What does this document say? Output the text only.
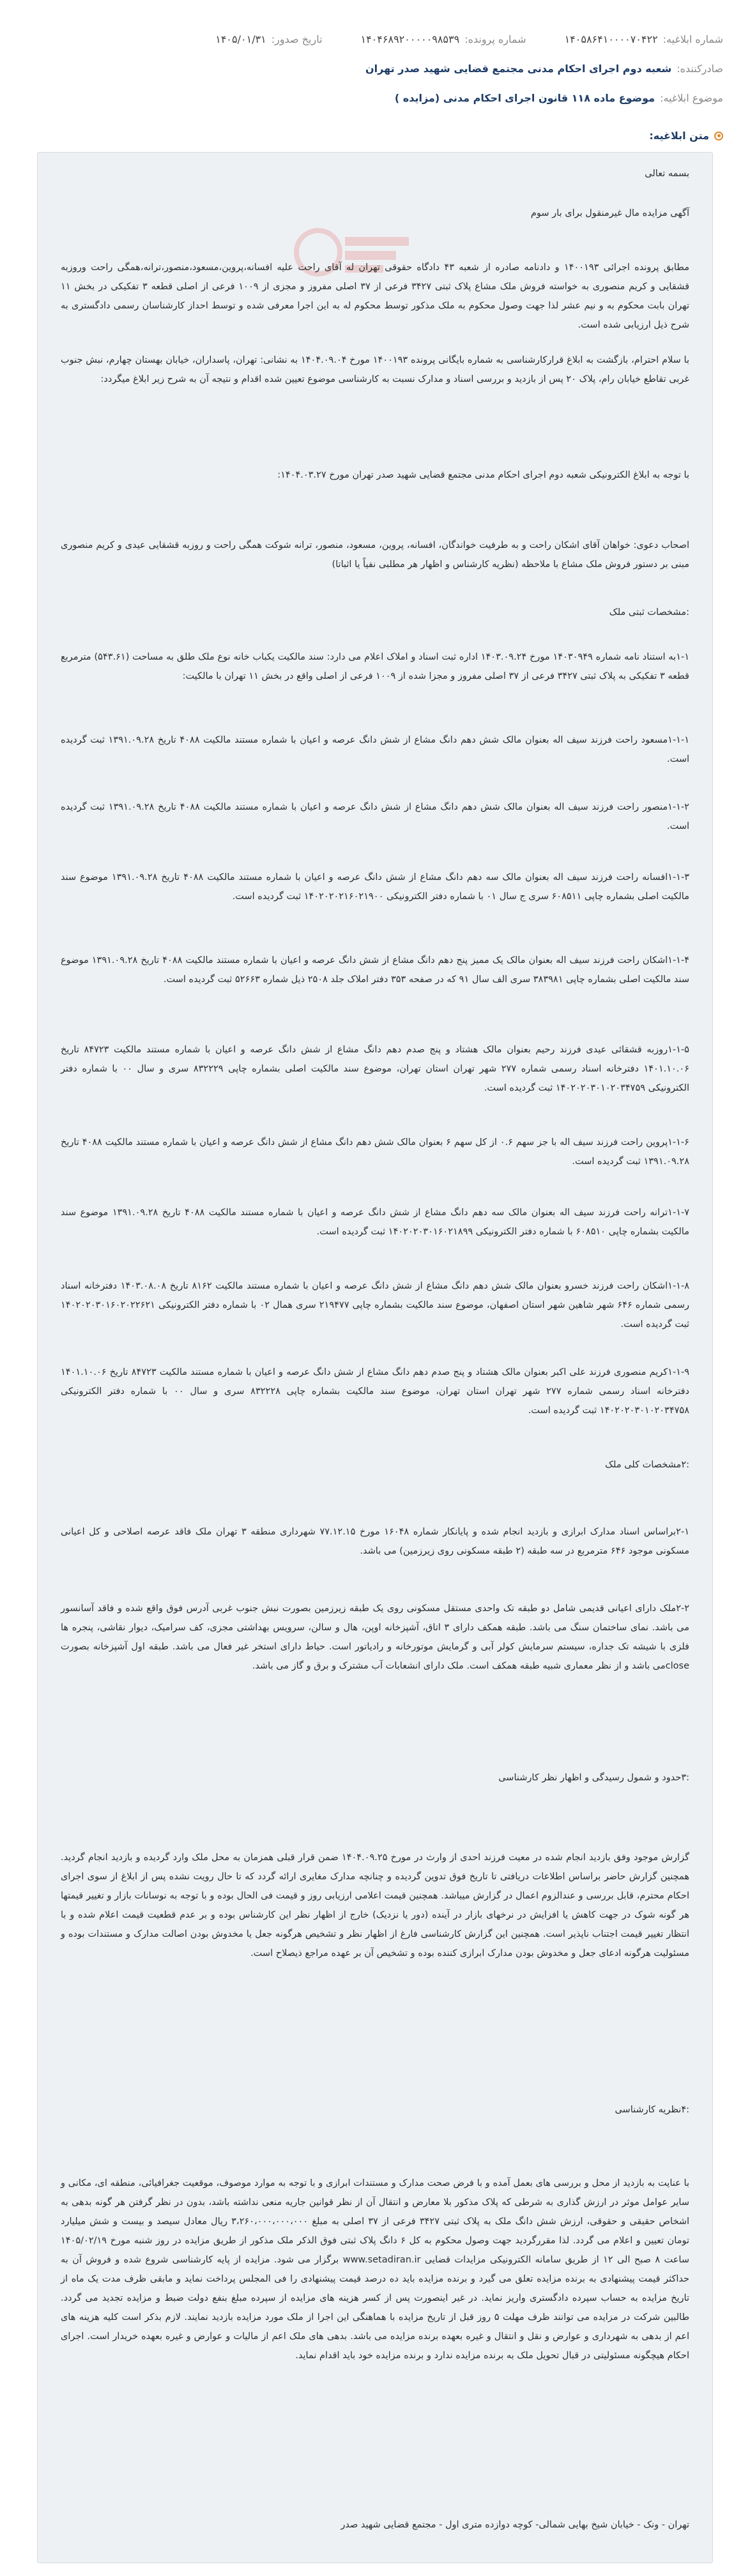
شماره ابلاغیه:
۱۴۰۵۸۶۴۱۰۰۰۰۷۰۴۲۲
شماره پرونده:
۱۴۰۴۶۸۹۲۰۰۰۰۰۹۸۵۳۹
تاریخ صدور:
۱۴۰۵/۰۱/۳۱
صادرکننده:
شعبه دوم اجرای احکام مدنی مجتمع قضایی شهید صدر تهران
موضوع ابلاغیه:
موضوع ماده ۱۱۸ قانون اجرای احکام مدنی (مزایده )
متن ابلاغیه:
بسمه تعالی
آگهی مزایده مال غیرمنقول برای بار سوم
مطابق پرونده اجرائی ۱۴۰۰۱۹۳ و دادنامه صادره از شعبه ۴۳ دادگاه حقوقی تهران له آقای راحت علیه افسانه،پروین،مسعود،منصور،ترانه،همگی راحت وروزبه قشقایی و کریم منصوری به خواسته فروش ملک مشاع پلاک ثبتی ۳۴۲۷ فرعی از ۳۷ اصلی مفروز و مجزی از ۱۰۰۹ فرعی از اصلی قطعه ۳ تفکیکی در بخش ۱۱ تهران بابت محکوم به و نیم عشر لذا جهت وصول محکوم به ملک مذکور توسط محکوم له به این اجرا معرفی شده و توسط احداز کارشناسان رسمی دادگستری به شرح ذیل ارزیابی شده است.
با سلام احترام، بازگشت به ابلاغ قرارکارشناسی به شماره بایگانی پرونده ۱۴۰۰۱۹۳ مورخ ۱۴۰۴.۰۹.۰۴ به نشانی: تهران، پاسداران، خیابان بهستان چهارم، نبش جنوب غربی تقاطع خیابان رام، پلاک ۲۰ پس از بازدید و بررسی اسناد و مدارک نسبت به کارشناسی موضوع تعیین شده اقدام و نتیجه آن به شرح زیر ابلاغ میگردد:
با توجه به ابلاغ الکترونیکی شعبه دوم اجرای احکام مدنی مجتمع قضایی شهید صدر تهران مورخ ۱۴۰۴.۰۳.۲۷:
اصحاب دعوی: خواهان آقای اشکان راحت و به طرفیت خواندگان، افسانه، پروین، مسعود، منصور، ترانه شوکت همگی راحت و روزبه قشقایی عیدی و کریم منصوری مبنی بر دستور فروش ملک مشاع با ملاحظه (نظریه کارشناس و اظهار هر مطلبی نفیاً یا اثباتا)
:مشخصات ثبتی ملک
۱-۱به استناد نامه شماره ۱۴۰۳۰۹۴۹ مورخ ۱۴۰۳.۰۹.۲۴ اداره ثبت اسناد و املاک اعلام می دارد: سند مالکیت یکباب خانه نوع ملک طلق به مساحت (۵۴۳.۶۱) مترمربع قطعه ۳ تفکیکی به پلاک ثبتی ۳۴۲۷ فرعی از ۳۷ اصلی مفروز و مجزا شده از ۱۰۰۹ فرعی از اصلی واقع در بخش ۱۱ تهران با مالکیت:
۱-۱-۱مسعود راحت فرزند سیف اله بعنوان مالک شش دهم دانگ مشاع از شش دانگ عرصه و اعیان با شماره مستند مالکیت ۴۰۸۸ تاریخ ۱۳۹۱.۰۹.۲۸ ثبت گردیده است.
۱-۱-۲منصور راحت فرزند سیف اله بعنوان مالک شش دهم دانگ مشاع از شش دانگ عرصه و اعیان با شماره مستند مالکیت ۴۰۸۸ تاریخ ۱۳۹۱.۰۹.۲۸ ثبت گردیده است.
۱-۱-۳افسانه راحت فرزند سیف اله بعنوان مالک سه دهم دانگ مشاع از شش دانگ عرصه و اعیان با شماره مستند مالکیت ۴۰۸۸ تاریخ ۱۳۹۱.۰۹.۲۸ موضوع سند مالکیت اصلی بشماره چاپی ۶۰۸۵۱۱ سری ج سال ۰۱ با شماره دفتر الکترونیکی ۱۴۰۲۰۲۰۲۱۶۰۲۱۹۰۰ ثبت گردیده است.
۱-۱-۴اشکان راحت فرزند سیف اله بعنوان مالک یک ممیز پنج دهم دانگ مشاع از شش دانگ عرصه و اعیان با شماره مستند مالکیت ۴۰۸۸ تاریخ ۱۳۹۱.۰۹.۲۸ موضوع سند مالکیت اصلی بشماره چاپی ۳۸۳۹۸۱ سری الف سال ۹۱ که در صفحه ۳۵۳ دفتر املاک جلد ۲۵۰۸ ذیل شماره ۵۲۶۶۳ ثبت گردیده است.
۱-۱-۵روزبه قشقائی عیدی فرزند رحیم بعنوان مالک هشتاد و پنج صدم دهم دانگ مشاع از شش دانگ عرصه و اعیان با شماره مستند مالکیت ۸۴۷۲۳ تاریخ ۱۴۰۱.۱۰.۰۶ دفترخانه اسناد رسمی شماره ۲۷۷ شهر تهران استان تهران، موضوع سند مالکیت اصلی بشماره چاپی ۸۳۲۲۲۹ سری و سال ۰۰ با شماره دفتر الکترونیکی ۱۴۰۲۰۲۰۳۰۱۰۲۰۳۴۷۵۹ ثبت گردیده است.
۱-۱-۶پروین راحت فرزند سیف اله با جز سهم ۰.۶ از کل سهم ۶ بعنوان مالک شش دهم دانگ مشاع از شش دانگ عرصه و اعیان با شماره مستند مالکیت ۴۰۸۸ تاریخ ۱۳۹۱.۰۹.۲۸ ثبت گردیده است.
۱-۱-۷ترانه راحت فرزند سیف اله بعنوان مالک سه دهم دانگ مشاع از شش دانگ عرصه و اعیان با شماره مستند مالکیت ۴۰۸۸ تاریخ ۱۳۹۱.۰۹.۲۸ موضوع سند مالکیت بشماره چاپی ۶۰۸۵۱۰ با شماره دفتر الکترونیکی ۱۴۰۲۰۲۰۳۰۱۶۰۲۱۸۹۹ ثبت گردیده است.
۱-۱-۸اشکان راحت فرزند خسرو بعنوان مالک شش دهم دانگ مشاع از شش دانگ عرصه و اعیان با شماره مستند مالکیت ۸۱۶۲ تاریخ ۱۴۰۳.۰۸.۰۸ دفترخانه اسناد رسمی شماره ۶۴۶ شهر شاهین شهر استان اصفهان، موضوع سند مالکیت بشماره چاپی ۲۱۹۴۷۷ سری همال ۰۲ با شماره دفتر الکترونیکی ۱۴۰۲۰۲۰۳۰۱۶۰۲۰۲۲۶۲۱ ثبت گردیده است.
۱-۱-۹کریم منصوری فرزند علی اکبر بعنوان مالک هشتاد و پنج صدم دهم دانگ مشاع از شش دانگ عرصه و اعیان با شماره مستند مالکیت ۸۴۷۲۳ تاریخ ۱۴۰۱.۱۰.۰۶ دفترخانه اسناد رسمی شماره ۲۷۷ شهر تهران استان تهران، موضوع سند مالکیت بشماره چاپی ۸۳۲۲۲۸ سری و سال ۰۰ با شماره دفتر الکترونیکی ۱۴۰۲۰۲۰۳۰۱۰۲۰۳۴۷۵۸ ثبت گردیده است.
:۲مشخصات کلی ملک
۲-۱براساس اسناد مدارک ابرازی و بازدید انجام شده و پایانکار شماره ۱۶۰۴۸ مورخ ۷۷.۱۲.۱۵ شهرداری منطقه ۳ تهران ملک فاقد عرصه اصلاحی و کل اعیانی مسکونی موجود ۶۴۶ مترمربع در سه طبقه (۲ طبقه مسکونی روی زیرزمین) می باشد.
۲-۲ملک دارای اعیانی قدیمی شامل دو طبقه تک واحدی مستقل مسکونی روی یک طبقه زیرزمین بصورت نبش جنوب غربی آدرس فوق واقع شده و فاقد آسانسور می باشد. نمای ساختمان سنگ می باشد. طبقه همکف دارای ۳ اتاق، آشپزخانه اوپن، هال و سالن، سرویس بهداشتی مجزی، کف سرامیک، دیوار نقاشی، پنجره ها فلزی با شیشه تک جداره، سیستم سرمایش کولر آبی و گرمایش موتورخانه و رادیاتور است. حیاط دارای استخر غیر فعال می باشد. طبقه اول آشپزخانه بصورت closeمی باشد و از نظر معماری شبیه طبقه همکف است. ملک دارای انشعابات آب مشترک و برق و گاز می باشد.
:۳حدود و شمول رسیدگی و اظهار نظر کارشناسی
گزارش موجود وفق بازدید انجام شده در معیت فرزند احدی از وارث در مورخ ۱۴۰۴.۰۹.۲۵ ضمن قرار قبلی همزمان به محل ملک وارد گردیده و بازدید انجام گردید. همچنین گزارش حاضر براساس اطلاعات دریافتی تا تاریخ فوق تدوین گردیده و چنانچه مدارک مغایری ارائه گردد که تا حال رویت نشده پس از ابلاغ از سوی اجرای احکام محترم، قابل بررسی و عندالزوم اعمال در گزارش میباشد. همچنین قیمت اعلامی ارزیابی روز و قیمت فی الحال بوده و با توجه به نوسانات بازار و تغییر قیمتها هر گونه شوک در جهت کاهش یا افزایش در نرخهای بازار در آینده (دور یا نزدیک) خارج از اظهار نظر این کارشناس بوده و بر عدم قطعیت قیمت اعلام شده و با انتظار تغییر قیمت اجتناب ناپذیر است. همچنین این گزارش کارشناسی فارغ از اظهار نظر و تشخیص هرگونه جعل یا مخدوش بودن اصالت مدارک و مستندات بوده و مسئولیت هرگونه ادعای جعل و مخدوش بودن مدارک ابرازی کننده بوده و تشخیص آن بر عهده مراجع ذیصلاح است.
:۴نظریه کارشناسی
با عنایت به بازدید از محل و بررسی های بعمل آمده و با فرض صحت مدارک و مستندات ابرازی و با توجه به موارد موصوف، موقعیت جغرافیائی، منطقه ای، مکانی و سایر عوامل موثر در ارزش گذاری به شرطی که پلاک مذکور بلا معارض و انتقال آن از نظر قوانین جاریه منعی نداشته باشد، بدون در نظر گرفتن هر گونه بدهی به اشخاص حقیقی و حقوقی، ارزش شش دانگ ملک به پلاک ثبتی ۳۴۲۷ فرعی از ۳۷ اصلی به مبلغ ۳،۲۶۰،۰۰۰،۰۰۰،۰۰۰ ریال معادل سیصد و بیست و شش میلیارد تومان تعیین و اعلام می گردد. لذا مقررگردید جهت وصول محکوم به کل ۶ دانگ پلاک ثبتی فوق الذکر ملک مذکور از طریق مزایده در روز شنبه مورخ ۱۴۰۵/۰۲/۱۹ ساعت ۸ صبح الی ۱۲ از طریق سامانه الکترونیکی مزایدات قضایی www.setadiran.ir برگزار می شود. مزایده از پایه کارشناسی شروع شده و فروش آن به حداکثر قیمت پیشنهادی به برنده مزایده تعلق می گیرد و برنده مزایده باید ده درصد قیمت پیشنهادی را فی المجلس پرداخت نماید و مابقی ظرف مدت یک ماه از تاریخ مزایده به حساب سپرده دادگستری واریز نماید. در غیر اینصورت پس از کسر هزینه های مزایده از سپرده مبلغ بنفع دولت ضبط و مزایده تجدید می گردد. طالبین شرکت در مزایده می توانند ظرف مهلت ۵ روز قبل از تاریخ مزایده با هماهنگی این اجرا از ملک مورد مزایده بازدید نمایند. لازم بذکر است کلیه هزینه های اعم از بدهی به شهرداری و عوارض و نقل و انتقال و غیره بعهده برنده مزایده می باشد. بدهی های ملک اعم از مالیات و عوارض و غیره بعهده خریدار است. اجرای احکام هیچگونه مسئولیتی در قبال تحویل ملک به برنده مزایده ندارد و برنده مزایده خود باید اقدام نماید.
تهران - ونک - خیابان شیخ بهایی شمالی- کوچه دوازده متری اول - مجتمع قضایی شهید صدر
